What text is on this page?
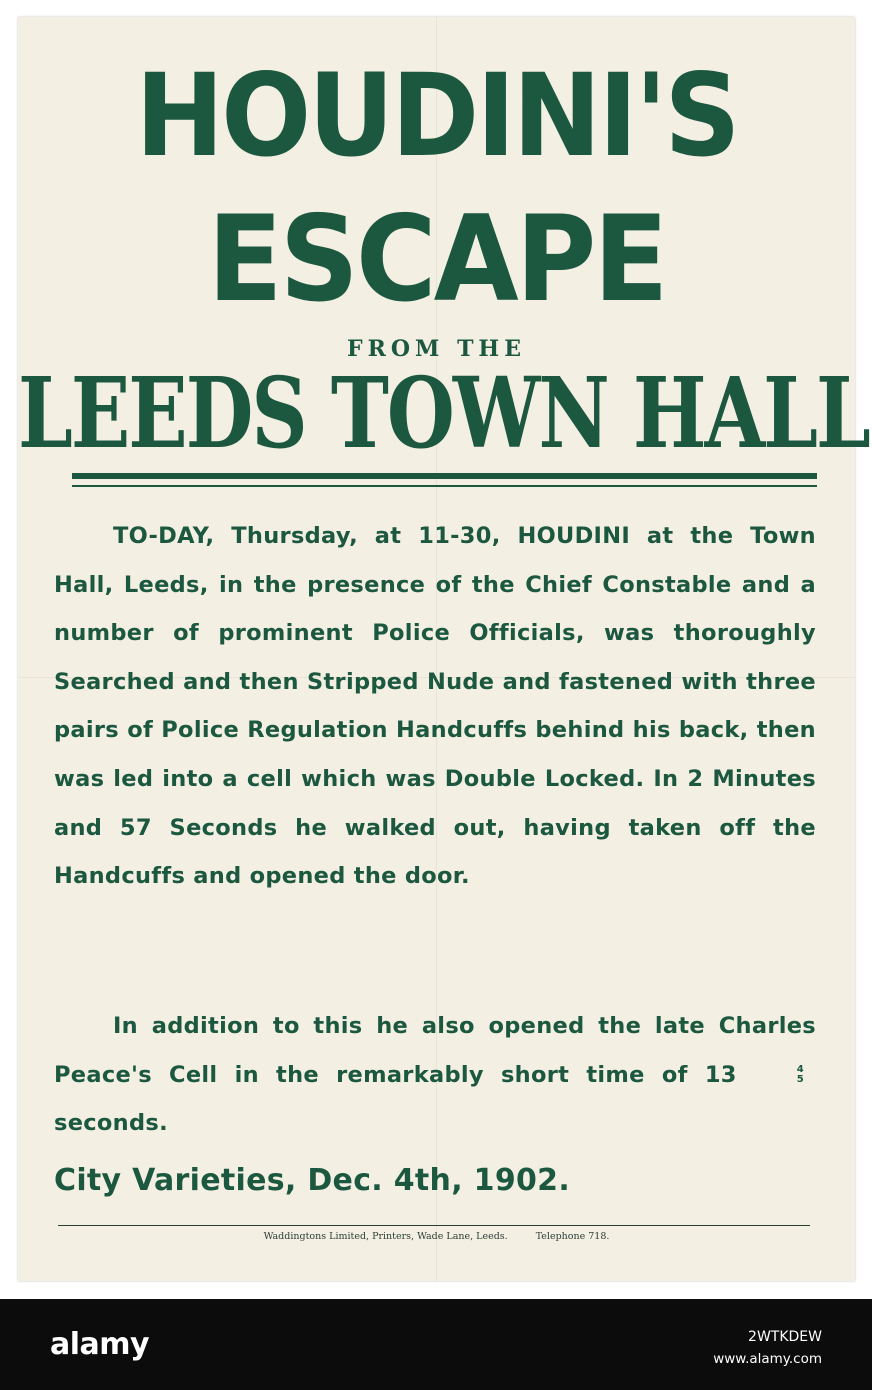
HOUDINI'S
ESCAPE
FROM THE
LEEDS TOWN HALL
TO-DAY, Thursday, at 11-30, HOUDINI at the Town Hall, Leeds, in the presence of the Chief Constable and a number of prominent Police Officials, was thoroughly Searched and then Stripped Nude and fastened with three pairs of Police Regulation Handcuffs behind his back, then was led into a cell which was Double Locked. In 2 Minutes and 57 Seconds he walked out, having taken off the Handcuffs and opened the door.
In addition to this he also opened the late Charles Peace's Cell in the remarkably short time of 13	4
5
seconds.
City Varieties, Dec. 4th, 1902.
Waddingtons Limited, Printers, Wade Lane, Leeds.	Telephone 718.
alamy	2WTKDEW
www.alamy.com
